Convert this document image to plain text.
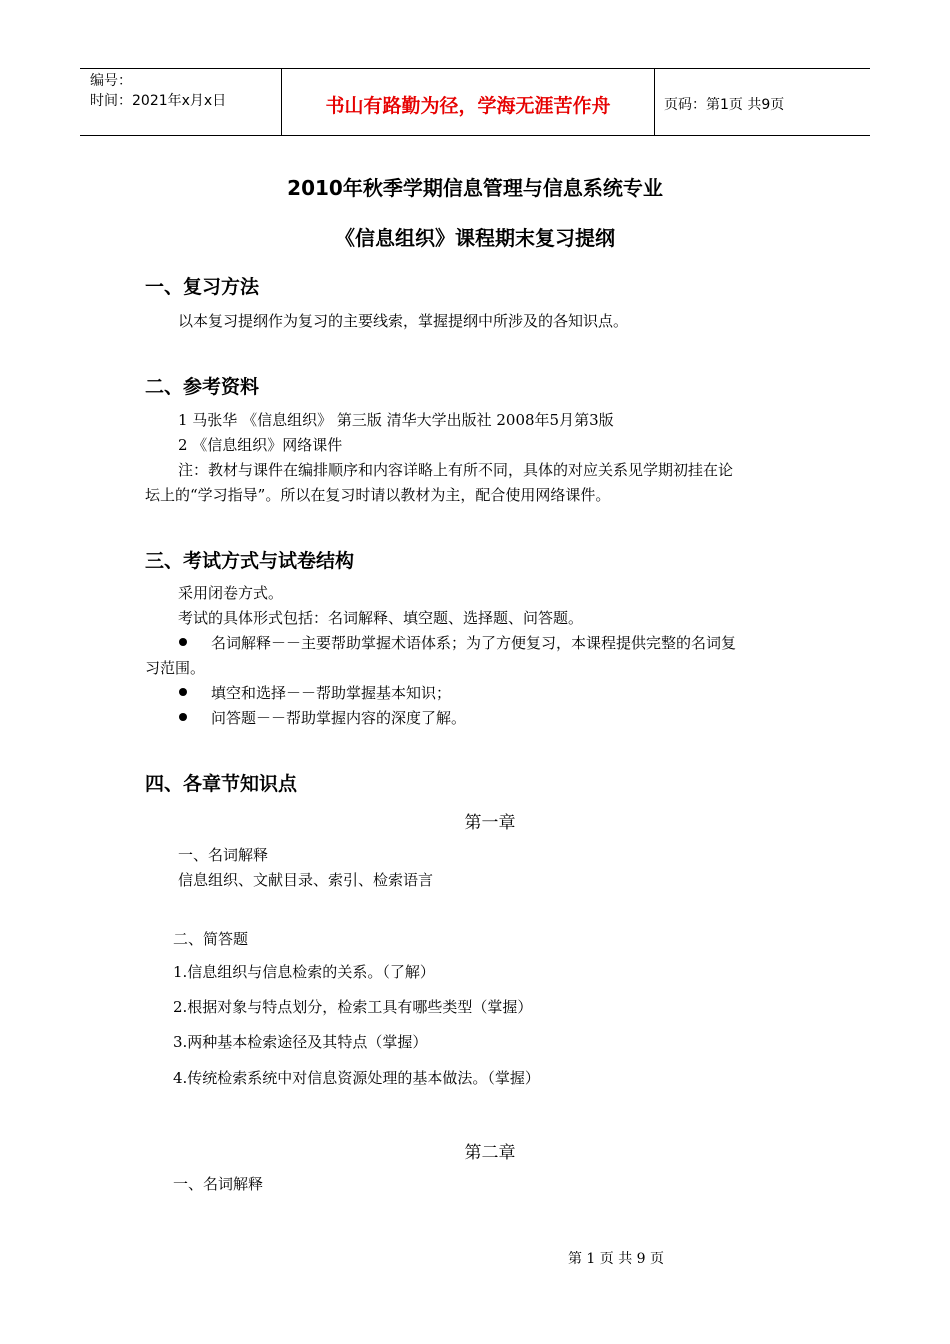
编号：
时间：2021年x月x日	书山有路勤为径，学海无涯苦作舟	页码：第1页 共9页
2010年秋季学期信息管理与信息系统专业
《信息组织》课程期末复习提纲
一、复习方法
以本复习提纲作为复习的主要线索，掌握提纲中所涉及的各知识点。
二、参考资料
1 马张华 《信息组织》 第三版 清华大学出版社 2008年5月第3版
2 《信息组织》网络课件
注：教材与课件在编排顺序和内容详略上有所不同，具体的对应关系见学期初挂在论
坛上的“学习指导”。所以在复习时请以教材为主，配合使用网络课件。
三、考试方式与试卷结构
采用闭卷方式。
考试的具体形式包括：名词解释、填空题、选择题、问答题。
名词解释－－主要帮助掌握术语体系；为了方便复习，本课程提供完整的名词复
习范围。
填空和选择－－帮助掌握基本知识；
问答题－－帮助掌握内容的深度了解。
四、各章节知识点
第一章
一、名词解释
信息组织、文献目录、索引、检索语言
二、简答题
1.信息组织与信息检索的关系。（了解）
2.根据对象与特点划分，检索工具有哪些类型（掌握）
3.两种基本检索途径及其特点（掌握）
4.传统检索系统中对信息资源处理的基本做法。（掌握）
第二章
一、名词解释
第 1 页 共 9 页
